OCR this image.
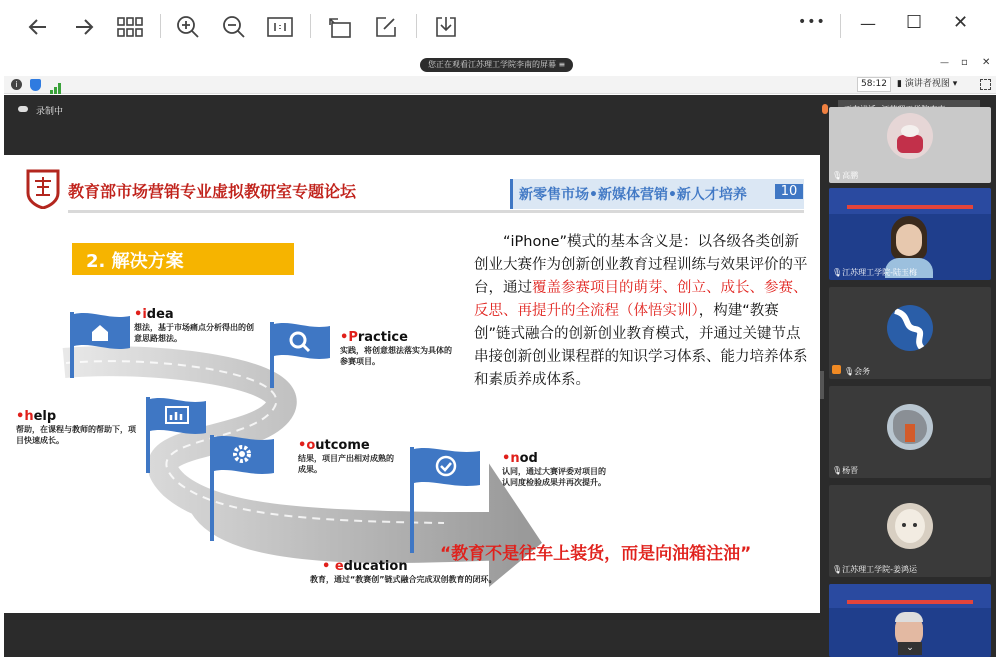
••• — ☐ ✕
您正在观看江苏理工学院李南的屏幕 ≡	— ▫ ✕
i	58:12	▮ 演讲者视图 ▾
录制中
教育部市场营销专业虚拟教研室专题论坛	新零售市场•新媒体营销•新人才培养	10
2. 解决方案
“iPhone”模式的基本含义是：以各级各类创新创业大赛作为创新创业教育过程训练与效果评价的平台，通过覆盖参赛项目的萌芽、创立、成长、参赛、反思、再提升的全流程（体悟实训），构建“教赛创”链式融合的创新创业教育模式，并通过关键节点串接创新创业课程群的知识学习体系、能力培养体系和素质养成体系。
•idea
想法，基于市场痛点分析得出的创意思路想法。	•Practice
实践，将创意想法落实为具体的参赛项目。
•help
帮助，在课程与教师的帮助下，项目快速成长。	•outcome
结果，项目产出相对成熟的成果。
•nod
认同，通过大赛评委对项目的认同度检验成果并再次提升。
• education
教育，通过“教赛创”链式融合完成双创教育的闭环。
“教育不是往车上装货，而是向油箱注油”
🎙高鹏
🎙江苏理工学院-陆玉梅
🎙会务
🎙杨晋
🎙江苏理工学院-姜鸿运
⌄
